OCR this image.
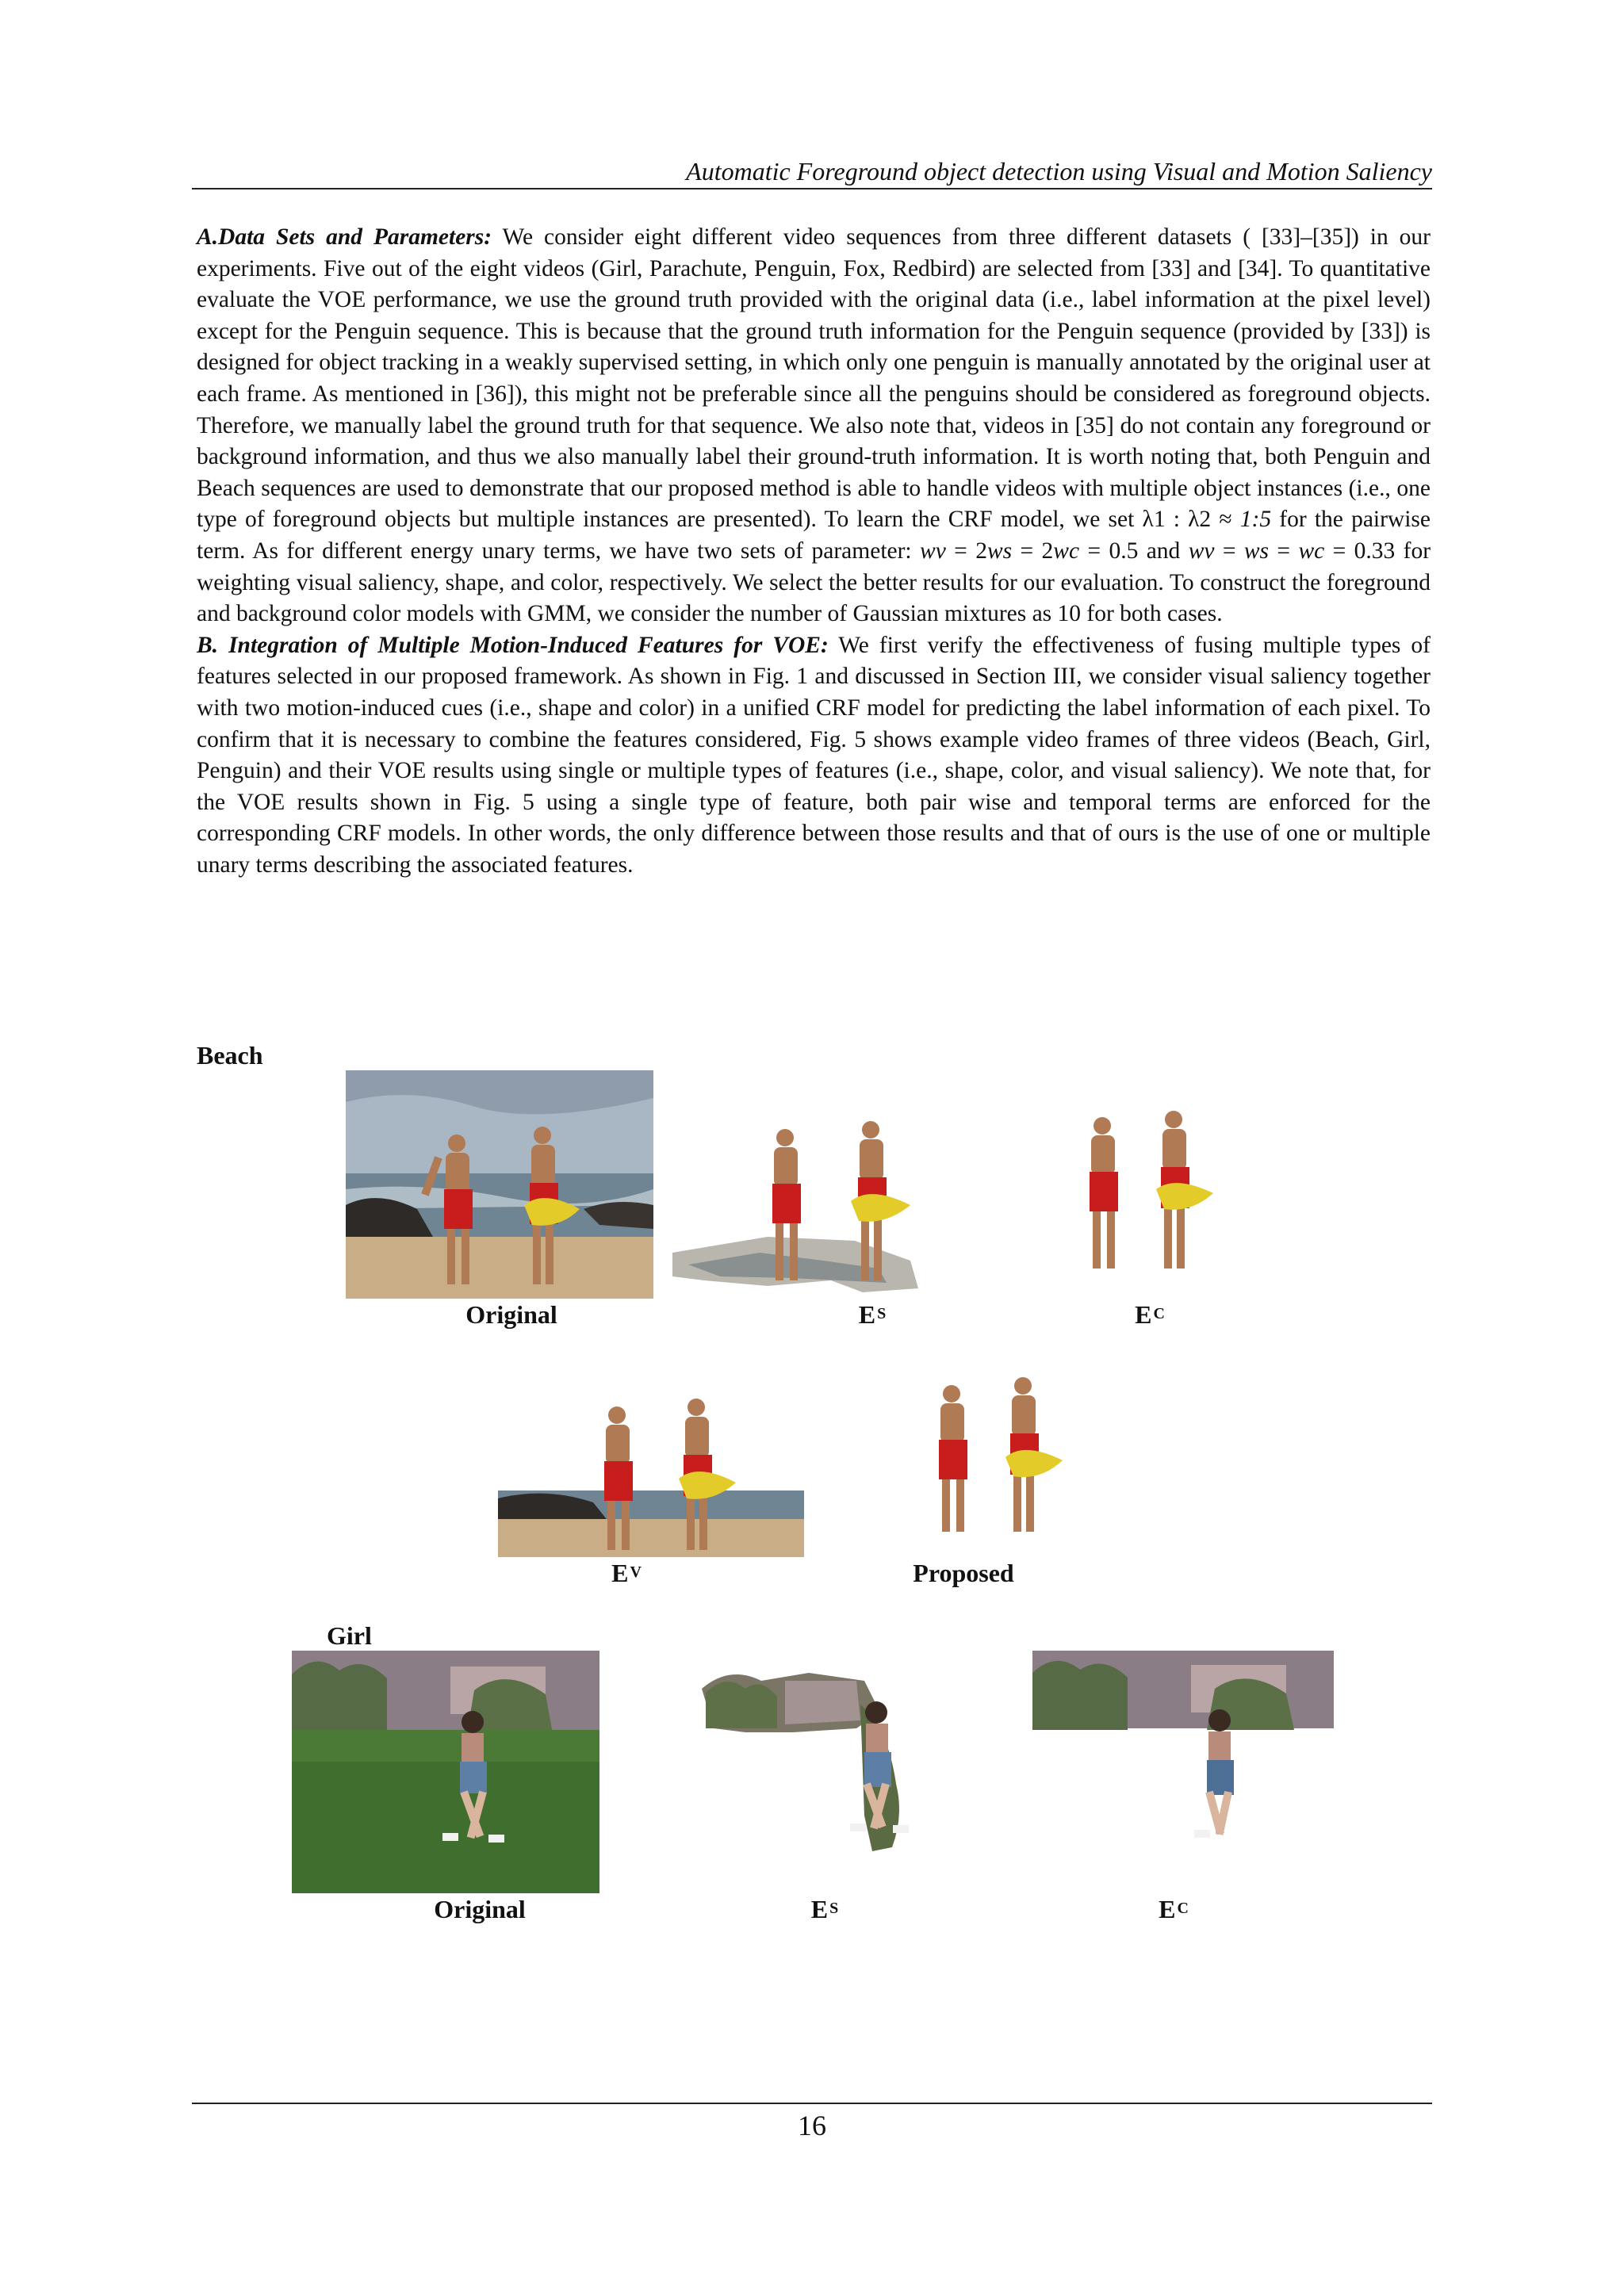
Automatic Foreground object detection using Visual and Motion Saliency

A.Data Sets and Parameters: We consider eight different video sequences from three different datasets ( [33]–[35]) in our experiments. Five out of the eight videos (Girl, Parachute, Penguin, Fox, Redbird) are selected from [33] and [34]. To quantitative evaluate the VOE performance, we use the ground truth provided with the original data (i.e., label information at the pixel level) except for the Penguin sequence. This is because that the ground truth information for the Penguin sequence (provided by [33]) is designed for object tracking in a weakly supervised setting, in which only one penguin is manually annotated by the original user at each frame. As mentioned in [36]), this might not be preferable since all the penguins should be considered as foreground objects. Therefore, we manually label the ground truth for that sequence. We also note that, videos in [35] do not contain any foreground or background information, and thus we also manually label their ground-truth information. It is worth noting that, both Penguin and Beach sequences are used to demonstrate that our proposed method is able to handle videos with multiple object instances (i.e., one type of foreground objects but multiple instances are presented). To learn the CRF model, we set λ1 : λ2 ≈ 1:5 for the pairwise term. As for different energy unary terms, we have two sets of parameter: wv = 2ws = 2wc = 0.5 and wv = ws = wc = 0.33 for weighting visual saliency, shape, and color, respectively. We select the better results for our evaluation. To construct the foreground and background color models with GMM, we consider the number of Gaussian mixtures as 10 for both cases.

B. Integration of Multiple Motion-Induced Features for VOE: We first verify the effectiveness of fusing multiple types of features selected in our proposed framework. As shown in Fig. 1 and discussed in Section III, we consider visual saliency together with two motion-induced cues (i.e., shape and color) in a unified CRF model for predicting the label information of each pixel. To confirm that it is necessary to combine the features considered, Fig. 5 shows example video frames of three videos (Beach, Girl, Penguin) and their VOE results using single or multiple types of features (i.e., shape, color, and visual saliency). We note that, for the VOE results shown in Fig. 5 using a single type of feature, both pair wise and temporal terms are enforced for the corresponding CRF models. In other words, the only difference between those results and that of ours is the use of one or multiple unary terms describing the associated features.

Beach
Original	E $^S$	E $^C$
E $^V$	Proposed
Girl
Original	E $^S$	E $^C$
16
